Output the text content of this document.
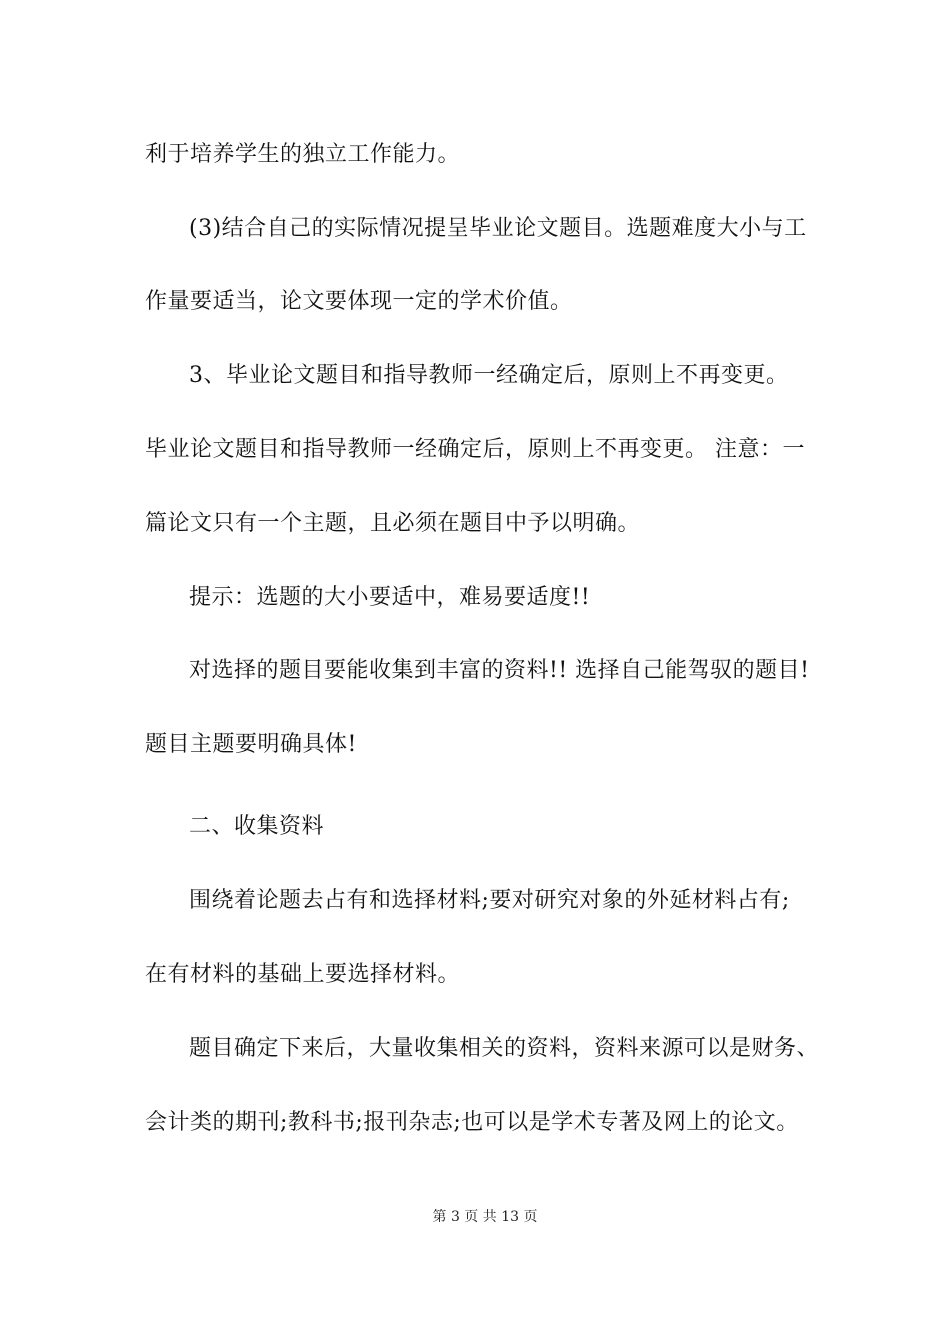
利于培养学生的独立工作能力。
(3)结合自己的实际情况提呈毕业论文题目。选题难度大小与工
作量要适当，论文要体现一定的学术价值。
3、毕业论文题目和指导教师一经确定后，原则上不再变更。
毕业论文题目和指导教师一经确定后，原则上不再变更。 注意：一
篇论文只有一个主题，且必须在题目中予以明确。
提示：选题的大小要适中，难易要适度!!
对选择的题目要能收集到丰富的资料!! 选择自己能驾驭的题目!
题目主题要明确具体!
二、收集资料
围绕着论题去占有和选择材料;要对研究对象的外延材料占有;
在有材料的基础上要选择材料。
题目确定下来后，大量收集相关的资料，资料来源可以是财务、
会计类的期刊;教科书;报刊杂志;也可以是学术专著及网上的论文。
第 3 页 共 13 页
